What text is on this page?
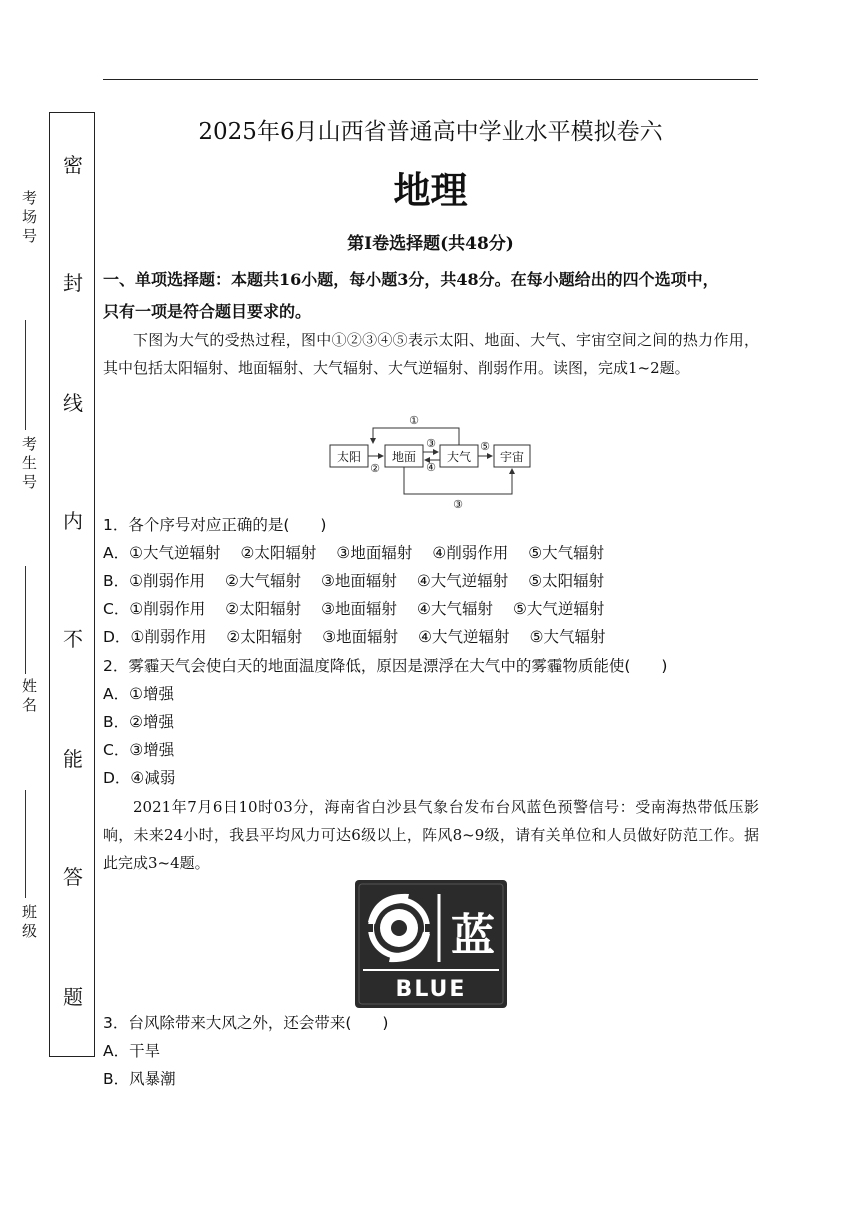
考场号
考生号
姓名
班级
密
封
线
内
不
能
答
题
2025年6月山西省普通高中学业水平模拟卷六
地理
第I卷选择题(共48分)
一、单项选择题：本题共16小题，每小题3分，共48分。在每小题给出的四个选项中，
只有一项是符合题目要求的。
下图为大气的受热过程，图中①②③④⑤表示太阳、地面、大气、宇宙空间之间的热力作用，其中包括太阳辐射、地面辐射、大气辐射、大气逆辐射、削弱作用。读图，完成1~2题。
太阳	地面	大气 宇宙
①
②
③
④
⑤
③
1．各个序号对应正确的是(　　)
A．①大气逆辐射 ②太阳辐射 ③地面辐射 ④削弱作用 ⑤大气辐射
B．①削弱作用 ②大气辐射 ③地面辐射 ④大气逆辐射 ⑤太阳辐射
C．①削弱作用 ②太阳辐射 ③地面辐射 ④大气辐射 ⑤大气逆辐射
D．①削弱作用 ②太阳辐射 ③地面辐射 ④大气逆辐射 ⑤大气辐射
2．雾霾天气会使白天的地面温度降低，原因是漂浮在大气中的雾霾物质能使(　　)
A．①增强
B．②增强
C．③增强
D．④减弱
2021年7月6日10时03分，海南省白沙县气象台发布台风蓝色预警信号：受南海热带低压影响，未来24小时，我县平均风力可达6级以上，阵风8~9级，请有关单位和人员做好防范工作。据此完成3~4题。
蓝
BLUE
3．台风除带来大风之外，还会带来(　　)
A．干旱
B．风暴潮
